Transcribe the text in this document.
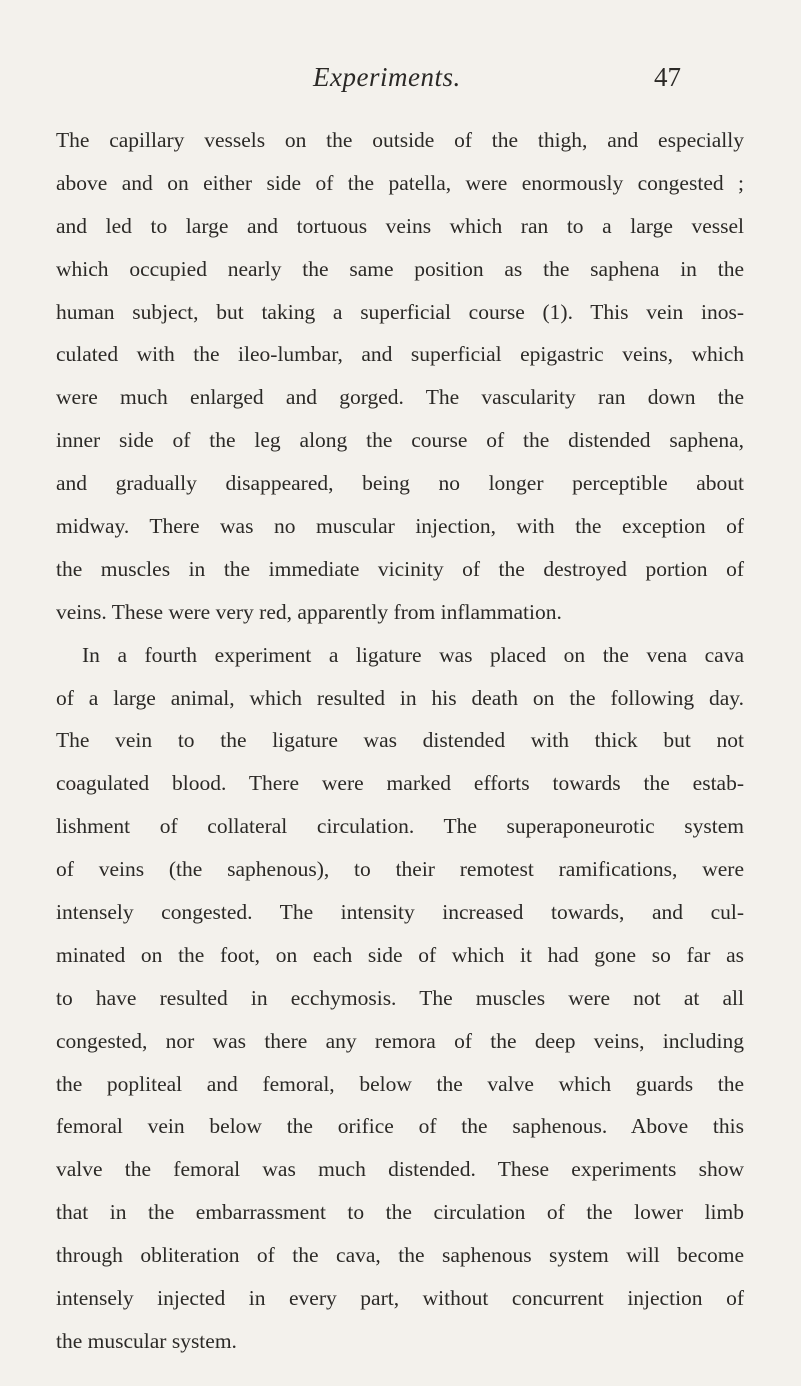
Experiments.	47
The capillary vessels on the outside of the thigh, and especially
above and on either side of the patella, were enormously congested ;
and led to large and tortuous veins which ran to a large vessel
which occupied nearly the same position as the saphena in the
human subject, but taking a superficial course (1). This vein inos-
culated with the ileo-lumbar, and superficial epigastric veins, which
were much enlarged and gorged. The vascularity ran down the
inner side of the leg along the course of the distended saphena,
and gradually disappeared, being no longer perceptible about
midway. There was no muscular injection, with the exception of
the muscles in the immediate vicinity of the destroyed portion of
veins. These were very red, apparently from inflammation.
In a fourth experiment a ligature was placed on the vena cava
of a large animal, which resulted in his death on the following day.
The vein to the ligature was distended with thick but not
coagulated blood. There were marked efforts towards the estab-
lishment of collateral circulation. The superaponeurotic system
of veins (the saphenous), to their remotest ramifications, were
intensely congested. The intensity increased towards, and cul-
minated on the foot, on each side of which it had gone so far as
to have resulted in ecchymosis. The muscles were not at all
congested, nor was there any remora of the deep veins, including
the popliteal and femoral, below the valve which guards the
femoral vein below the orifice of the saphenous. Above this
valve the femoral was much distended. These experiments show
that in the embarrassment to the circulation of the lower limb
through obliteration of the cava, the saphenous system will become
intensely injected in every part, without concurrent injection of
the muscular system.
